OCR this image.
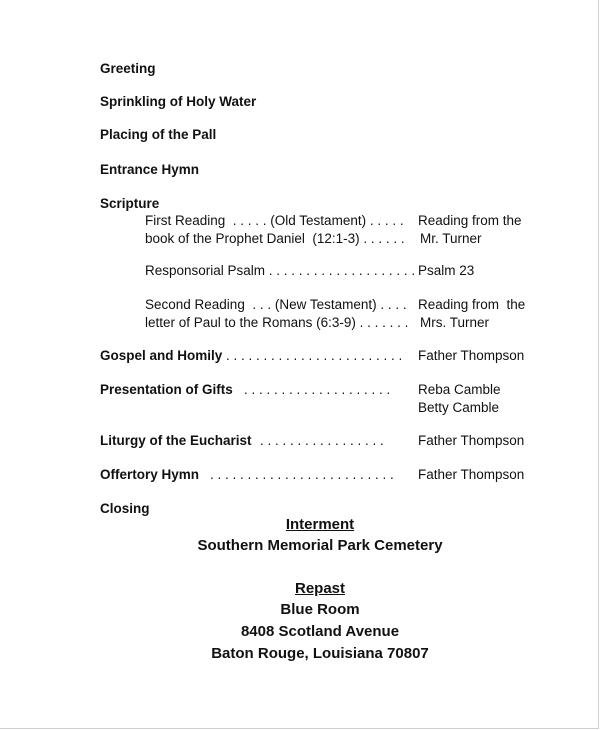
Greeting
Sprinkling of Holy Water
Placing of the Pall
Entrance Hymn
Scripture
First Reading  . . . . . (Old Testament) . . . . . Reading from the
book of the Prophet Daniel  (12:1-3) . . . . . . Mr. Turner
Responsorial Psalm . . . . . . . . . . . . . . . . . . . . Psalm 23
Second Reading  . . . (New Testament) . . . . Reading from  the
letter of Paul to the Romans (6:3-9) . . . . . . . Mrs. Turner
Gospel and Homily . . . . . . . . . . . . . . . . . . . . . . . . Father Thompson
Presentation of Gifts . . . . . . . . . . . . . . . . . . . . Reba Camble
Betty Camble
Liturgy of the Eucharist . . . . . . . . . . . . . . . . .	Father Thompson
Offertory Hymn . . . . . . . . . . . . . . . . . . . . . . . . . Father Thompson
Closing
Interment
Southern Memorial Park Cemetery
Repast
Blue Room
8408 Scotland Avenue
Baton Rouge, Louisiana 70807
